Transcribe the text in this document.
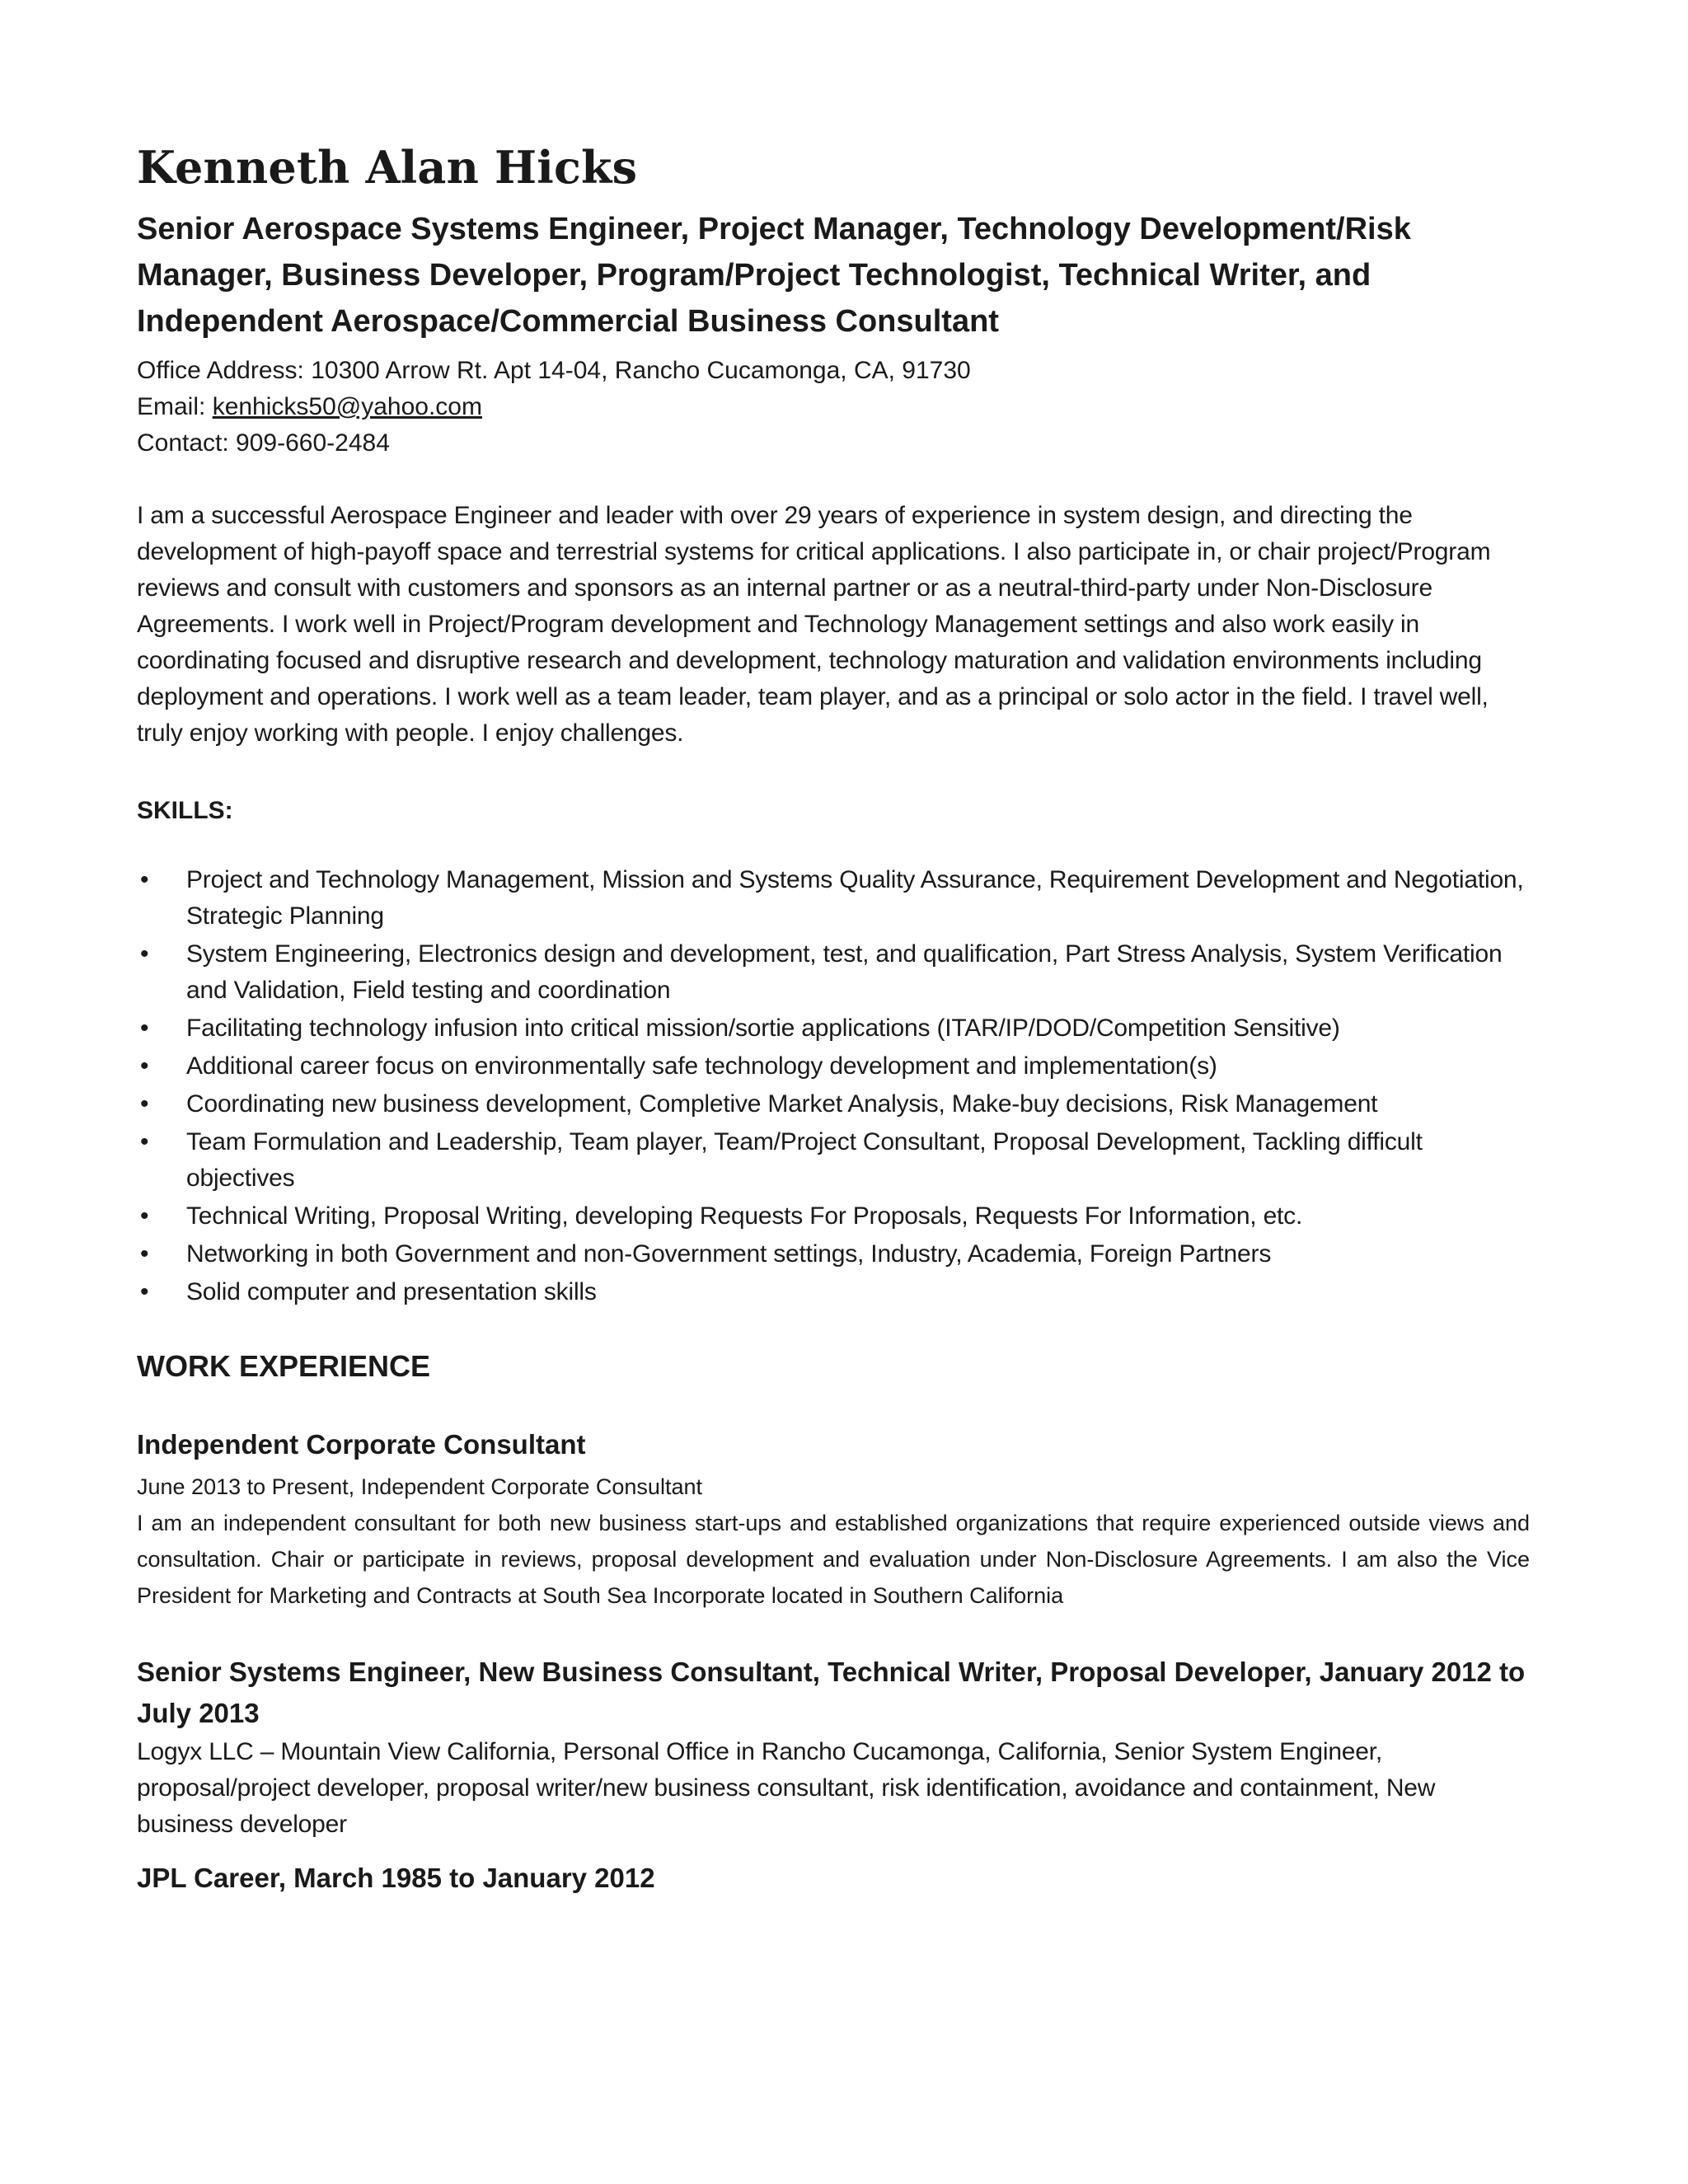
Kenneth Alan Hicks
Senior Aerospace Systems Engineer, Project Manager, Technology Development/Risk Manager, Business Developer, Program/Project Technologist, Technical Writer, and Independent Aerospace/Commercial Business Consultant

Office Address: 10300 Arrow Rt. Apt 14-04, Rancho Cucamonga, CA, 91730

Email: kenhicks50@yahoo.com

Contact: 909-660-2484

I am a successful Aerospace Engineer and leader with over 29 years of experience in system design, and directing the development of high-payoff space and terrestrial systems for critical applications. I also participate in, or chair project/Program reviews and consult with customers and sponsors as an internal partner or as a neutral-third-party under Non-Disclosure Agreements. I work well in Project/Program development and Technology Management settings and also work easily in coordinating focused and disruptive research and development, technology maturation and validation environments including deployment and operations. I work well as a team leader, team player, and as a principal or solo actor in the field. I travel well, truly enjoy working with people. I enjoy challenges.

SKILLS:
• Project and Technology Management, Mission and Systems Quality Assurance, Requirement Development and Negotiation, Strategic Planning
• System Engineering, Electronics design and development, test, and qualification, Part Stress Analysis, System Verification and Validation, Field testing and coordination
• Facilitating technology infusion into critical mission/sortie applications (ITAR/IP/DOD/Competition Sensitive)
• Additional career focus on environmentally safe technology development and implementation(s)
• Coordinating new business development, Completive Market Analysis, Make-buy decisions, Risk Management
• Team Formulation and Leadership, Team player, Team/Project Consultant, Proposal Development, Tackling difficult objectives
• Technical Writing, Proposal Writing, developing Requests For Proposals, Requests For Information, etc.
• Networking in both Government and non-Government settings, Industry, Academia, Foreign Partners
• Solid computer and presentation skills
WORK EXPERIENCE
Independent Corporate Consultant

June 2013 to Present, Independent Corporate Consultant

I am an independent consultant for both new business start-ups and established organizations that require experienced outside views and consultation. Chair or participate in reviews, proposal development and evaluation under Non-Disclosure Agreements. I am also the Vice President for Marketing and Contracts at South Sea Incorporate located in Southern California

Senior Systems Engineer, New Business Consultant, Technical Writer, Proposal Developer, January 2012 to July 2013

Logyx LLC – Mountain View California, Personal Office in Rancho Cucamonga, California, Senior System Engineer, proposal/project developer, proposal writer/new business consultant, risk identification, avoidance and containment, New business developer

JPL Career, March 1985 to January 2012
